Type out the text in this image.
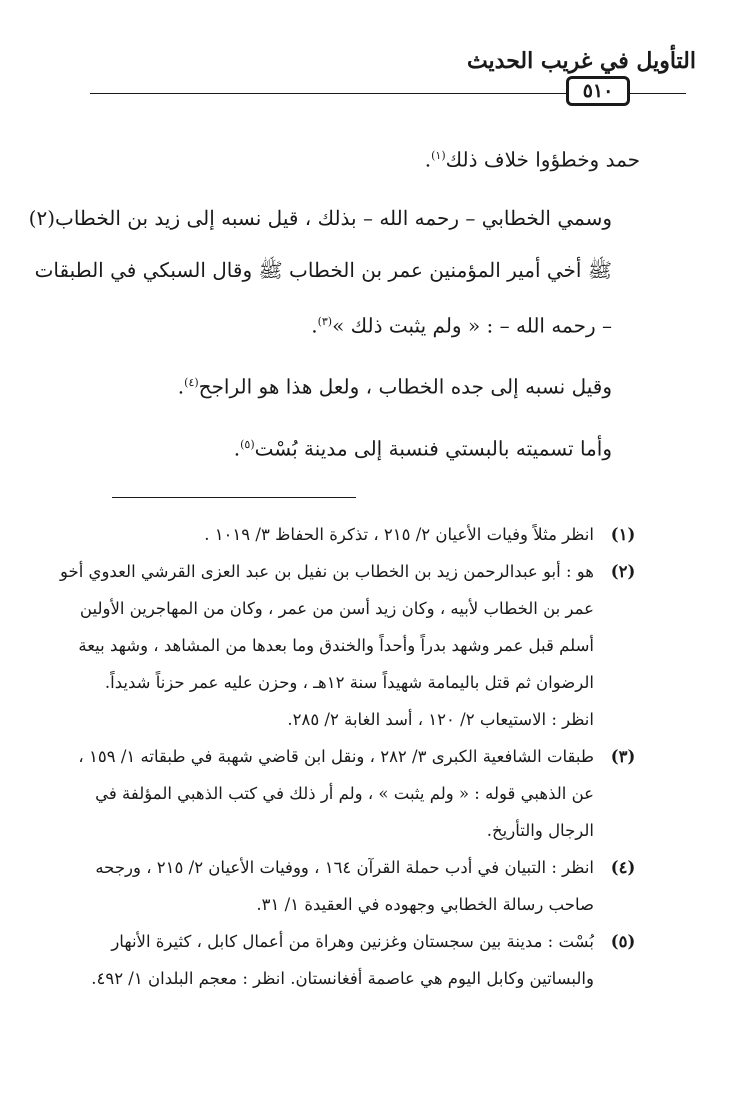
التأويل في غريب الحديث
٥١٠

حمد وخطؤوا خلاف ذلك$^{(١)}$.

وسمي الخطابي – رحمه الله – بذلك ، قيل نسبه إلى زيد بن الخطاب(٢)
ﷺ أخي أمير المؤمنين عمر بن الخطاب ﷺ وقال السبكي في الطبقات
– رحمه الله – : « ولم يثبت ذلك »$^{(٣)}$.

وقيل نسبه إلى جده الخطاب ، ولعل هذا هو الراجح$^{(٤)}$.

وأما تسميته بالبستي فنسبة إلى مدينة بُسْت$^{(٥)}$.

(١)
انظر مثلاً وفيات الأعيان ٢/ ٢١٥ ، تذكرة الحفاظ ٣/ ١٠١٩ .
(٢)
هو : أبو عبدالرحمن زيد بن الخطاب بن نفيل بن عبد العزى القرشي العدوي أخو
عمر بن الخطاب لأبيه ، وكان زيد أسن من عمر ، وكان من المهاجرين الأولين
أسلم قبل عمر وشهد بدراً وأحداً والخندق وما بعدها من المشاهد ، وشهد بيعة
الرضوان ثم قتل باليمامة شهيداً سنة ١٢هـ ، وحزن عليه عمر حزناً شديداً.
انظر : الاستيعاب ٢/ ١٢٠ ، أسد الغابة ٢/ ٢٨٥.
(٣)
طبقات الشافعية الكبرى ٣/ ٢٨٢ ، ونقل ابن قاضي شهبة في طبقاته ١/ ١٥٩ ،
عن الذهبي قوله : « ولم يثبت » ، ولم أر ذلك في كتب الذهبي المؤلفة في
الرجال والتأريخ.
(٤)
انظر : التبيان في أدب حملة القرآن ١٦٤ ، ووفيات الأعيان ٢/ ٢١٥ ، ورجحه
صاحب رسالة الخطابي وجهوده في العقيدة ١/ ٣١.
(٥)
بُسْت : مدينة بين سجستان وغزنين وهراة من أعمال كابل ، كثيرة الأنهار
والبساتين وكابل اليوم هي عاصمة أفغانستان. انظر : معجم البلدان ١/ ٤٩٢.
